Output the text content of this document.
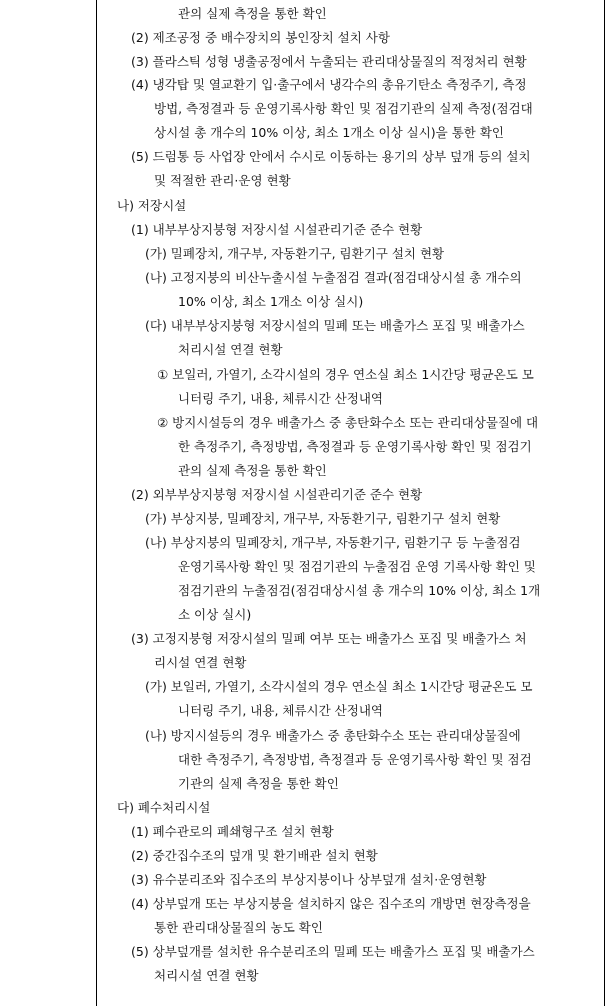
관의 실제 측정을 통한 확인
(2) 제조공정 중 배수장치의 봉인장치 설치 사항
(3) 플라스틱 성형 냉출공정에서 누출되는 관리대상물질의 적정처리 현황
(4) 냉각탑 및 열교환기 입·출구에서 냉각수의 총유기탄소 측정주기, 측정
방법, 측정결과 등 운영기록사항 확인 및 점검기관의 실제 측정(점검대
상시설 총 개수의 10% 이상, 최소 1개소 이상 실시)을 통한 확인
(5) 드럼통 등 사업장 안에서 수시로 이동하는 용기의 상부 덮개 등의 설치
및 적절한 관리·운영 현황
나) 저장시설
(1) 내부부상지붕형 저장시설 시설관리기준 준수 현황
(가) 밀폐장치, 개구부, 자동환기구, 림환기구 설치 현황
(나) 고정지붕의 비산누출시설 누출점검 결과(점검대상시설 총 개수의
10% 이상, 최소 1개소 이상 실시)
(다) 내부부상지붕형 저장시설의 밀폐 또는 배출가스 포집 및 배출가스
처리시설 연결 현황
① 보일러, 가열기, 소각시설의 경우 연소실 최소 1시간당 평균온도 모
니터링 주기, 내용, 체류시간 산정내역
② 방지시설등의 경우 배출가스 중 총탄화수소 또는 관리대상물질에 대
한 측정주기, 측정방법, 측정결과 등 운영기록사항 확인 및 점검기
관의 실제 측정을 통한 확인
(2) 외부부상지붕형 저장시설 시설관리기준 준수 현황
(가) 부상지붕, 밀폐장치, 개구부, 자동환기구, 림환기구 설치 현황
(나) 부상지붕의 밀폐장치, 개구부, 자동환기구, 림환기구 등 누출점검
운영기록사항 확인 및 점검기관의 누출점검 운영 기록사항 확인 및
점검기관의 누출점검(점검대상시설 총 개수의 10% 이상, 최소 1개
소 이상 실시)
(3) 고정지붕형 저장시설의 밀폐 여부 또는 배출가스 포집 및 배출가스 처
리시설 연결 현황
(가) 보일러, 가열기, 소각시설의 경우 연소실 최소 1시간당 평균온도 모
니터링 주기, 내용, 체류시간 산정내역
(나) 방지시설등의 경우 배출가스 중 총탄화수소 또는 관리대상물질에
대한 측정주기, 측정방법, 측정결과 등 운영기록사항 확인 및 점검
기관의 실제 측정을 통한 확인
다) 폐수처리시설
(1) 폐수관로의 폐쇄형구조 설치 현황
(2) 중간집수조의 덮개 및 환기배관 설치 현황
(3) 유수분리조와 집수조의 부상지붕이나 상부덮개 설치·운영현황
(4) 상부덮개 또는 부상지붕을 설치하지 않은 집수조의 개방면 현장측정을
통한 관리대상물질의 농도 확인
(5) 상부덮개를 설치한 유수분리조의 밀폐 또는 배출가스 포집 및 배출가스
처리시설 연결 현황
